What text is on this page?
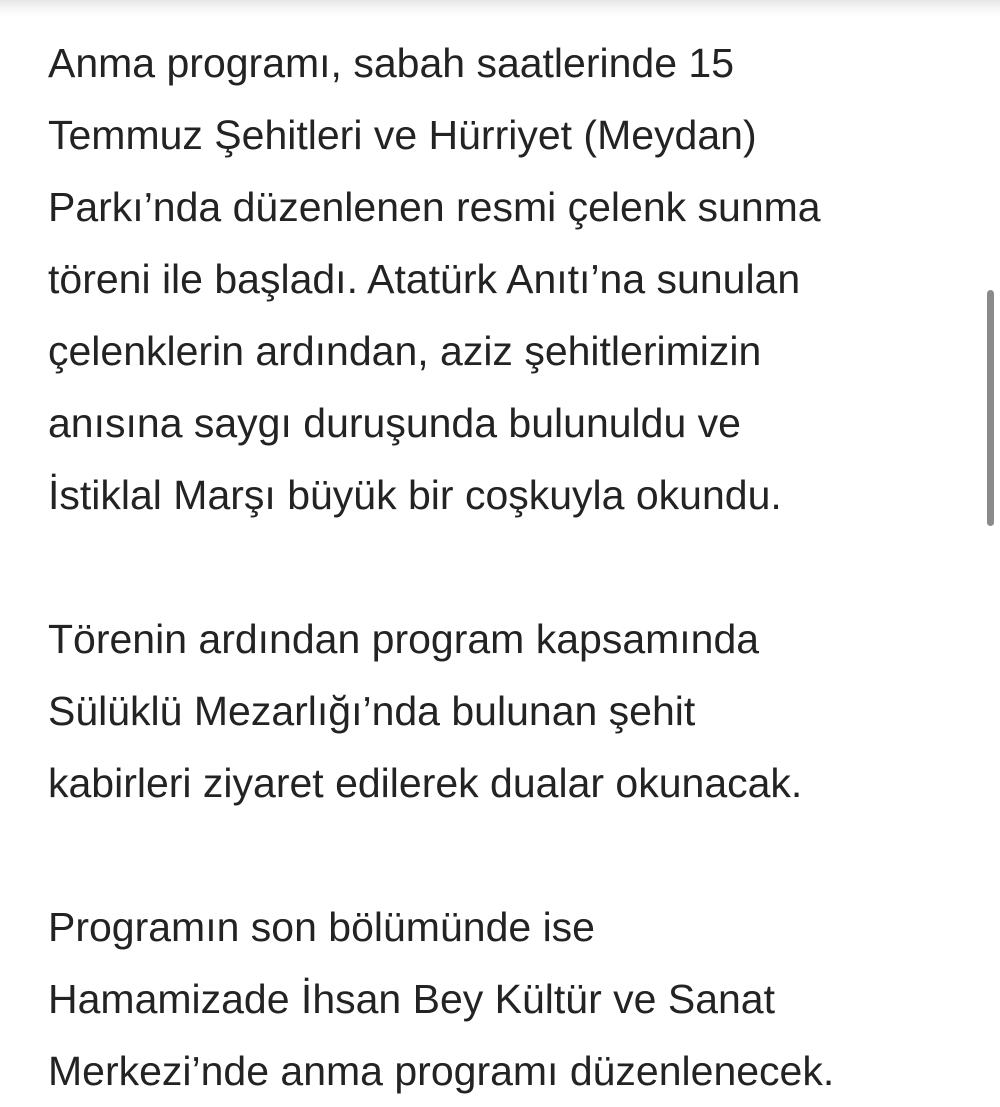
Anma programı, sabah saatlerinde 15
Temmuz Şehitleri ve Hürriyet (Meydan)
Parkı’nda düzenlenen resmi çelenk sunma
töreni ile başladı. Atatürk Anıtı’na sunulan
çelenklerin ardından, aziz şehitlerimizin
anısına saygı duruşunda bulunuldu ve
İstiklal Marşı büyük bir coşkuyla okundu.
Törenin ardından program kapsamında
Sülüklü Mezarlığı’nda bulunan şehit
kabirleri ziyaret edilerek dualar okunacak.
Programın son bölümünde ise
Hamamizade İhsan Bey Kültür ve Sanat
Merkezi’nde anma programı düzenlenecek.
